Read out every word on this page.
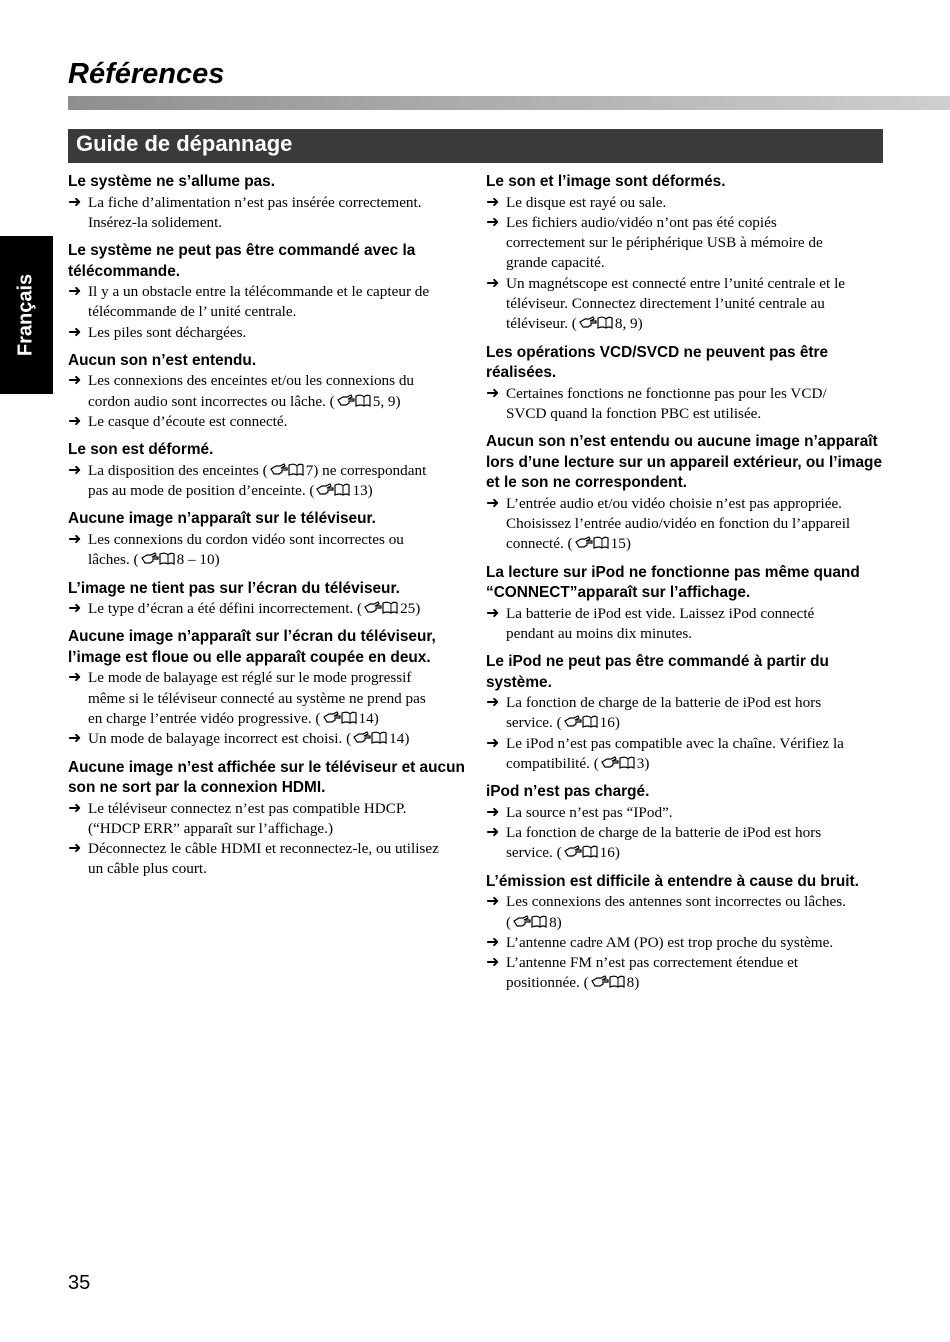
Références
Guide de dépannage
Français
Le système ne s’allume pas.
➜ La fiche d’alimentation n’est pas insérée correctement.
Insérez-la solidement.
Le système ne peut pas être commandé avec la télécommande.
➜ Il y a un obstacle entre la télécommande et le capteur de
télécommande de l’ unité centrale.
➜ Les piles sont déchargées.
Aucun son n’est entendu.
➜ Les connexions des enceintes et/ou les connexions du
cordon audio sont incorrectes ou lâche. (	5, 9)
➜ Le casque d’écoute est connecté.
Le son est déformé.
➜ La disposition des enceintes (	7) ne correspondant
pas au mode de position d’enceinte. (	13)
Aucune image n’apparaît sur le téléviseur.
➜ Les connexions du cordon vidéo sont incorrectes ou
lâches. (	8 – 10)
L’image ne tient pas sur l’écran du téléviseur.
➜ Le type d’écran a été défini incorrectement. (	25)
Aucune image n’apparaît sur l’écran du téléviseur, l’image est floue ou elle apparaît coupée en deux.
➜ Le mode de balayage est réglé sur le mode progressif
même si le téléviseur connecté au système ne prend pas
en charge l’entrée vidéo progressive. (	14)
➜ Un mode de balayage incorrect est choisi. (	14)
Aucune image n’est affichée sur le téléviseur et aucun son ne sort par la connexion HDMI.
➜ Le téléviseur connectez n’est pas compatible HDCP.
(“HDCP ERR” apparaît sur l’affichage.)
➜ Déconnectez le câble HDMI et reconnectez-le, ou utilisez
un câble plus court.
Le son et l’image sont déformés.
➜ Le disque est rayé ou sale.
➜ Les fichiers audio/vidéo n’ont pas été copiés
correctement sur le périphérique USB à mémoire de
grande capacité.
➜ Un magnétscope est connecté entre l’unité centrale et le
téléviseur. Connectez directement l’unité centrale au
téléviseur. (	8, 9)
Les opérations VCD/SVCD ne peuvent pas être réalisées.
➜ Certaines fonctions ne fonctionne pas pour les VCD/
SVCD quand la fonction PBC est utilisée.
Aucun son n’est entendu ou aucune image n’apparaît lors d’une lecture sur un appareil extérieur, ou l’image et le son ne correspondent.
➜ L’entrée audio et/ou vidéo choisie n’est pas appropriée.
Choisissez l’entrée audio/vidéo en fonction du l’appareil
connecté. (	15)
La lecture sur iPod ne fonctionne pas même quand “CONNECT”apparaît sur l’affichage.
➜ La batterie de iPod est vide. Laissez iPod connecté
pendant au moins dix minutes.
Le iPod ne peut pas être commandé à partir du système.
➜ La fonction de charge de la batterie de iPod est hors
service. (	16)
➜ Le iPod n’est pas compatible avec la chaîne. Vérifiez la
compatibilité. (	3)
iPod n’est pas chargé.
➜ La source n’est pas “IPod”.
➜ La fonction de charge de la batterie de iPod est hors
service. (	16)
L’émission est difficile à entendre à cause du bruit.
➜ Les connexions des antennes sont incorrectes ou lâches.
(	8)
➜ L’antenne cadre AM (PO) est trop proche du système.
➜ L’antenne FM n’est pas correctement étendue et
positionnée. (	8)
35
